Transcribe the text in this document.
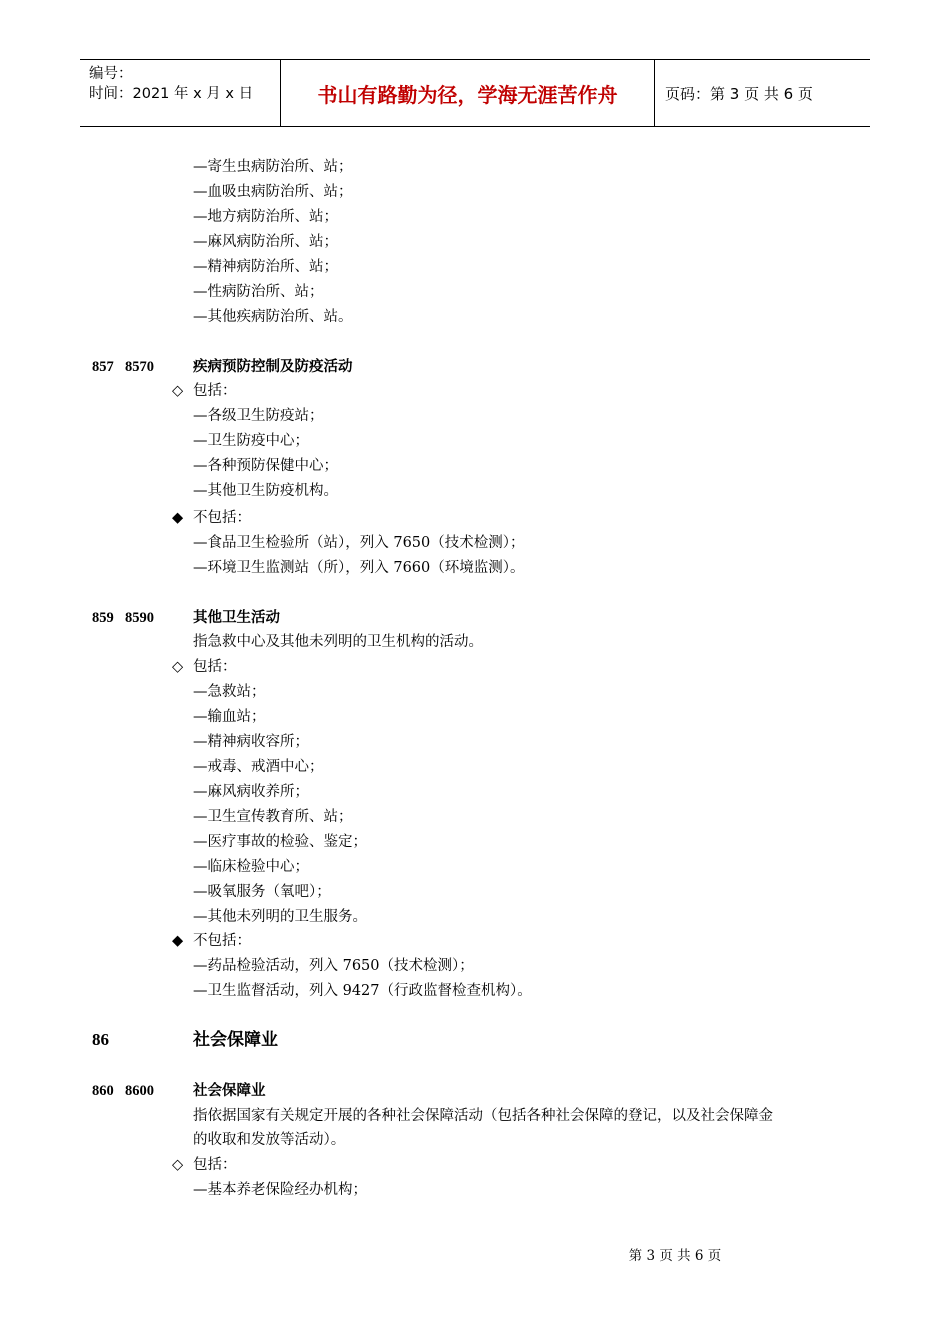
编号：
时间：2021 年 x 月 x 日	书山有路勤为径，学海无涯苦作舟	页码：第 3 页 共 6 页
—寄生虫病防治所、站；
—血吸虫病防治所、站；
—地方病防治所、站；
—麻风病防治所、站；
—精神病防治所、站；
—性病防治所、站；
—其他疾病防治所、站。
857 8570	疾病预防控制及防疫活动
◇ 包括：
—各级卫生防疫站；
—卫生防疫中心；
—各种预防保健中心；
—其他卫生防疫机构。
◆ 不包括：
—食品卫生检验所（站），列入 7650（技术检测）；
—环境卫生监测站（所），列入 7660（环境监测）。
859 8590	其他卫生活动
指急救中心及其他未列明的卫生机构的活动。
◇ 包括：
—急救站；
—输血站；
—精神病收容所；
—戒毒、戒酒中心；
—麻风病收养所；
—卫生宣传教育所、站；
—医疗事故的检验、鉴定；
—临床检验中心；
—吸氧服务（氧吧）；
—其他未列明的卫生服务。
◆ 不包括：
—药品检验活动，列入 7650（技术检测）；
—卫生监督活动，列入 9427（行政监督检查机构）。
86	社会保障业
860 8600	社会保障业
指依据国家有关规定开展的各种社会保障活动（包括各种社会保障的登记，以及社会保障金
的收取和发放等活动）。
◇ 包括：
—基本养老保险经办机构；
第 3 页 共 6 页
